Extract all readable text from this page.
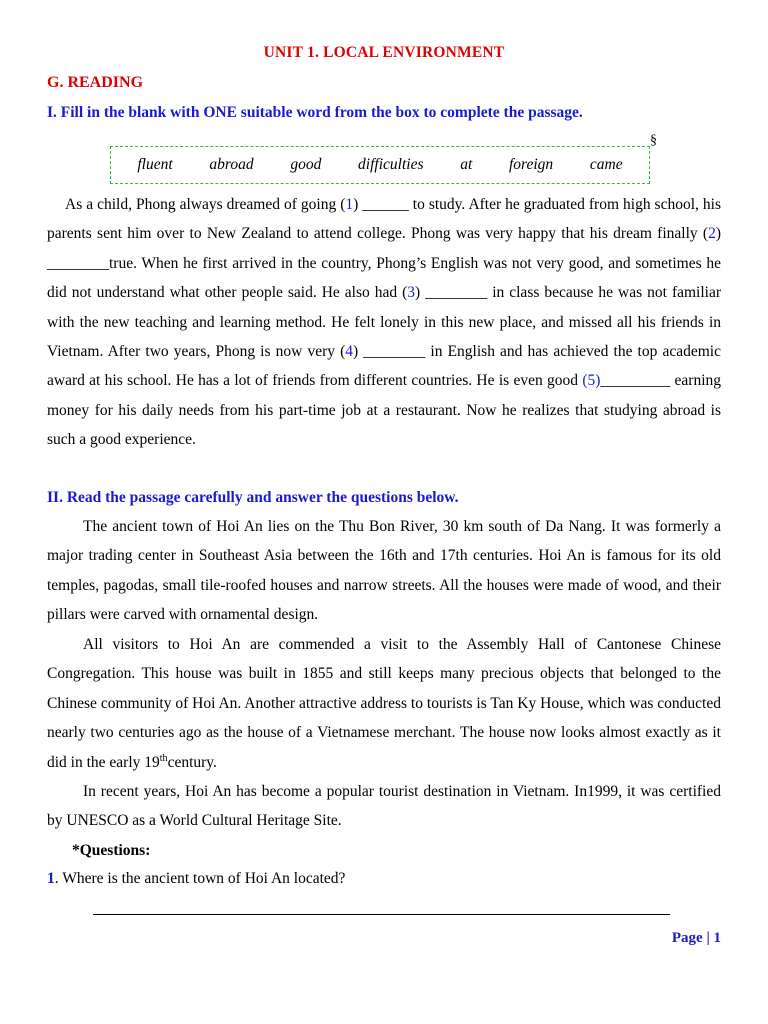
UNIT 1. LOCAL ENVIRONMENT
G. READING
I. Fill in the blank with ONE suitable word from the box to complete the passage.
fluent abroad good difficulties at foreign came
§

As a child, Phong always dreamed of going (1) ______ to study. After he graduated from high school, his parents sent him over to New Zealand to attend college. Phong was very happy that his dream finally (2) ________true. When he first arrived in the country, Phong’s English was not very good, and sometimes he did not understand what other people said. He also had (3) ________ in class because he was not familiar with the new teaching and learning method. He felt lonely in this new place, and missed all his friends in Vietnam. After two years, Phong is now very (4) ________ in English and has achieved the top academic award at his school. He has a lot of friends from different countries. He is even good (5)_________ earning money for his daily needs from his part-time job at a restaurant. Now he realizes that studying abroad is such a good experience.

II. Read the passage carefully and answer the questions below.

The ancient town of Hoi An lies on the Thu Bon River, 30 km south of Da Nang. It was formerly a major trading center in Southeast Asia between the 16th and 17th centuries. Hoi An is famous for its old temples, pagodas, small tile-roofed houses and narrow streets. All the houses were made of wood, and their pillars were carved with ornamental design.

All visitors to Hoi An are commended a visit to the Assembly Hall of Cantonese Chinese Congregation. This house was built in 1855 and still keeps many precious objects that belonged to the Chinese community of Hoi An. Another attractive address to tourists is Tan Ky House, which was conducted nearly two centuries ago as the house of a Vietnamese merchant. The house now looks almost exactly as it did in the early 19thcentury.

In recent years, Hoi An has become a popular tourist destination in Vietnam. In1999, it was certified by UNESCO as a World Cultural Heritage Site.

*Questions:
1. Where is the ancient town of Hoi An located?
Page | 1
